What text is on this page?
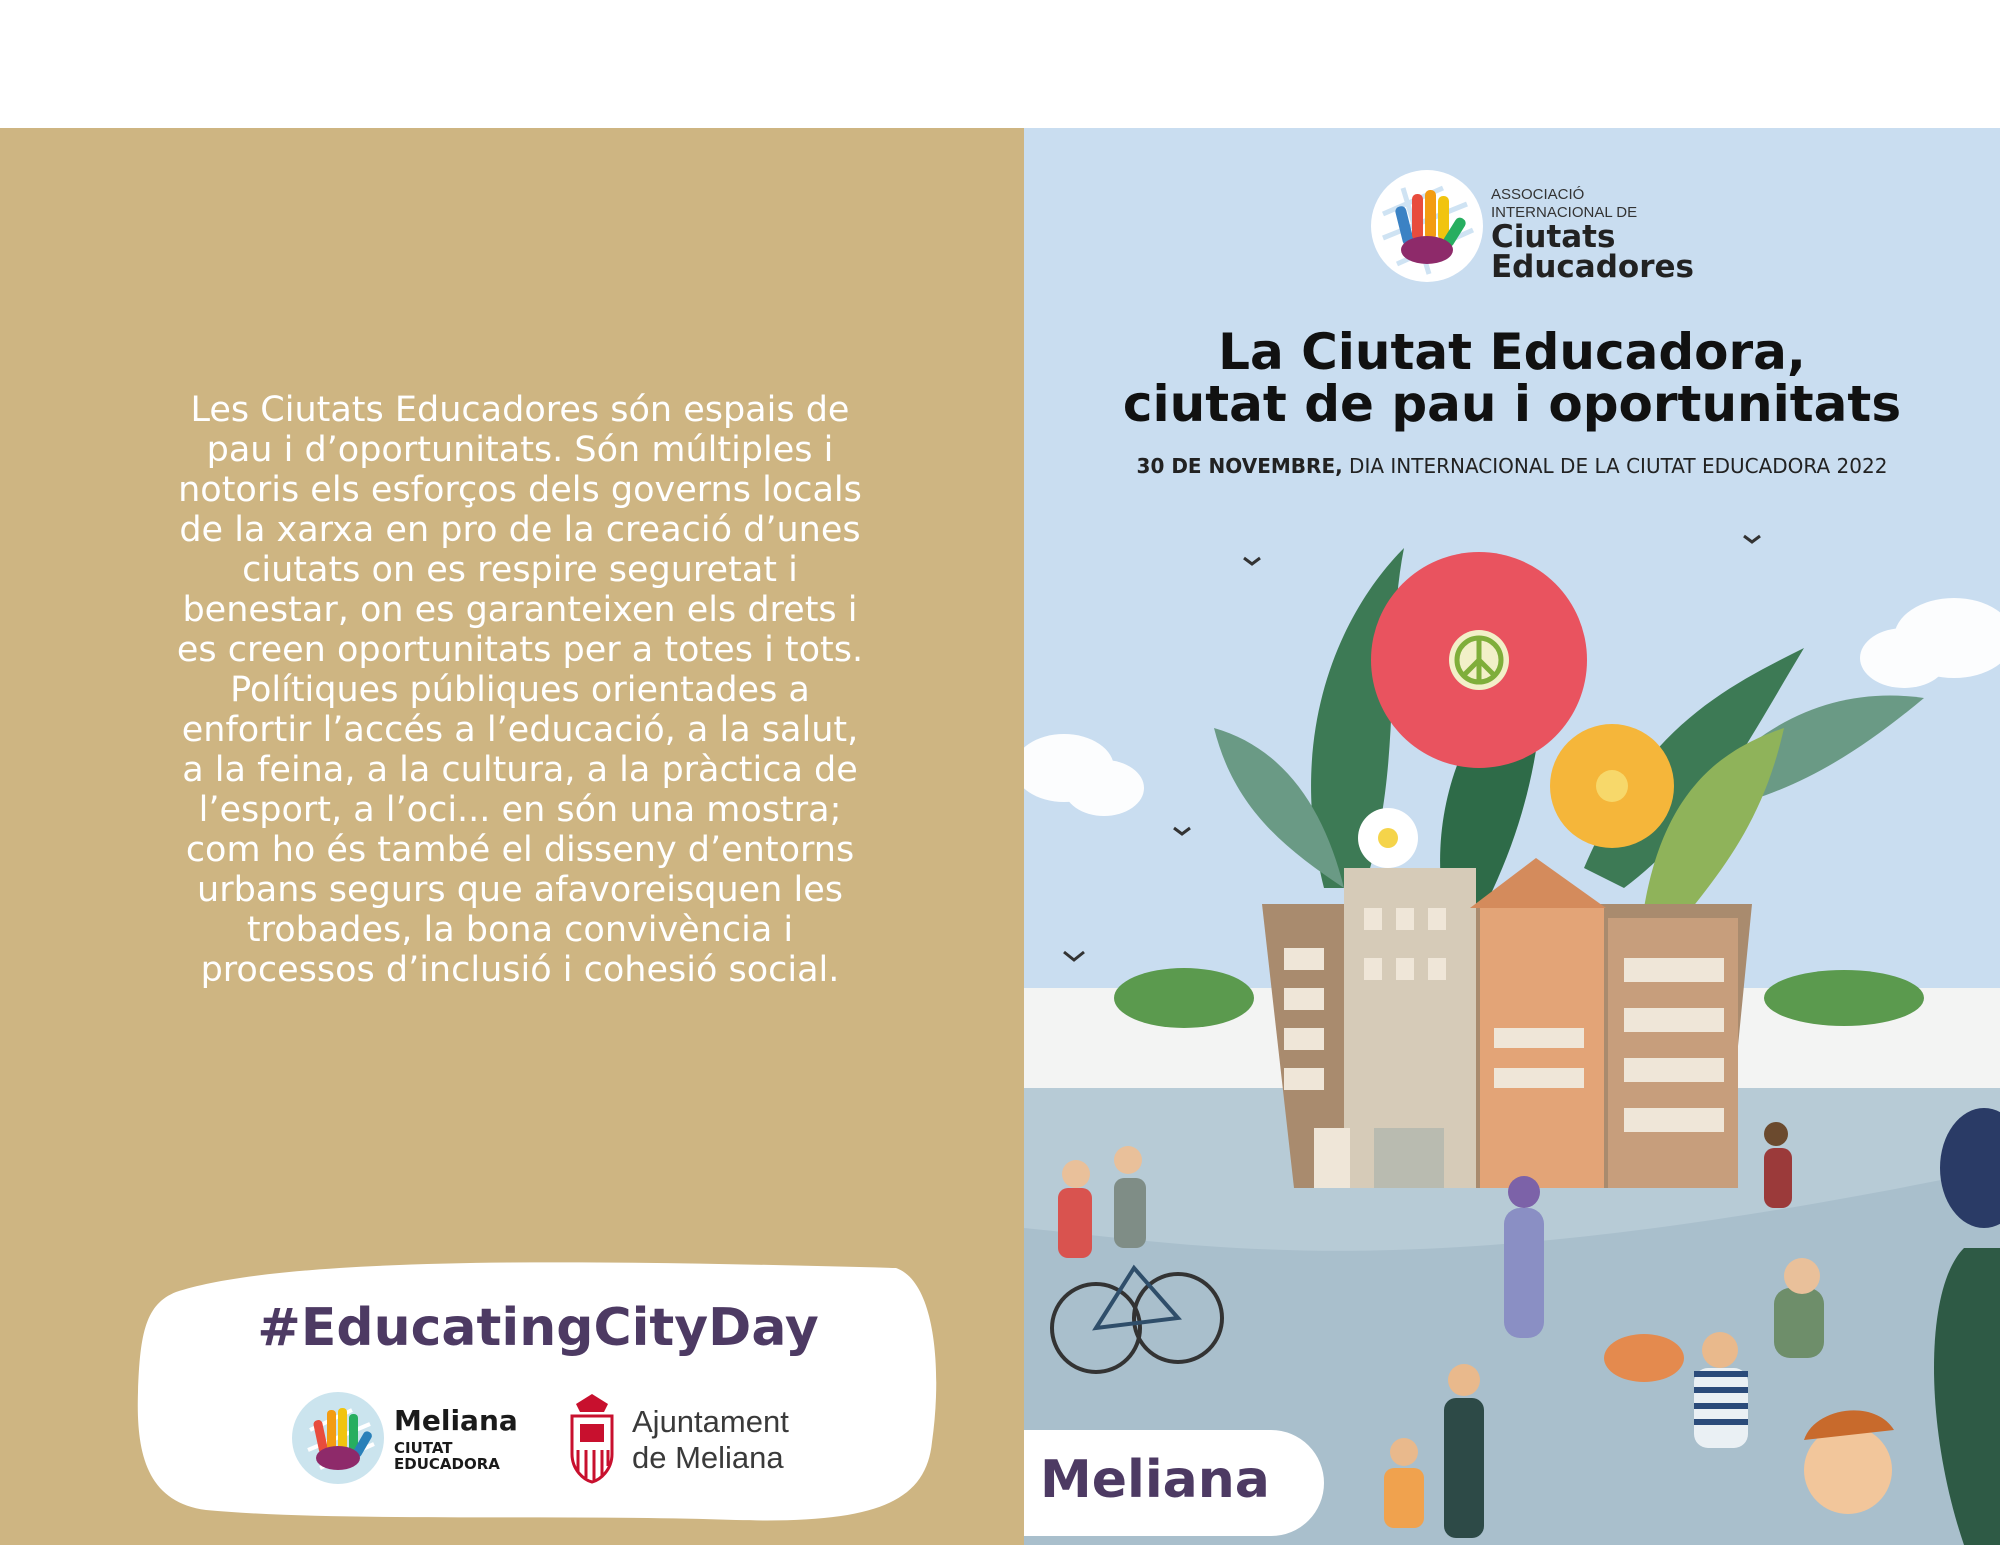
Les Ciutats Educadores són espais de
pau i d’oportunitats. Són múltiples i
notoris els esforços dels governs locals
de la xarxa en pro de la creació d’unes
ciutats on es respire seguretat i
benestar, on es garanteixen els drets i
es creen oportunitats per a totes i tots.
Polítiques públiques orientades a
enfortir l’accés a l’educació, a la salut,
a la feina, a la cultura, a la pràctica de
l’esport, a l’oci... en són una mostra;
com ho és també el disseny d’entorns
urbans segurs que afavoreisquen les
trobades, la bona convivència i
processos d’inclusió i cohesió social.

#EducatingCityDay
Meliana
CIUTAT
EDUCADORA
Ajuntament
de Meliana
ASSOCIACIÓ
INTERNACIONAL DE
Ciutats
Educadores
La Ciutat Educadora,
ciutat de pau i oportunitats
30 DE NOVEMBRE, DIA INTERNACIONAL DE LA CIUTAT EDUCADORA 2022
Meliana
